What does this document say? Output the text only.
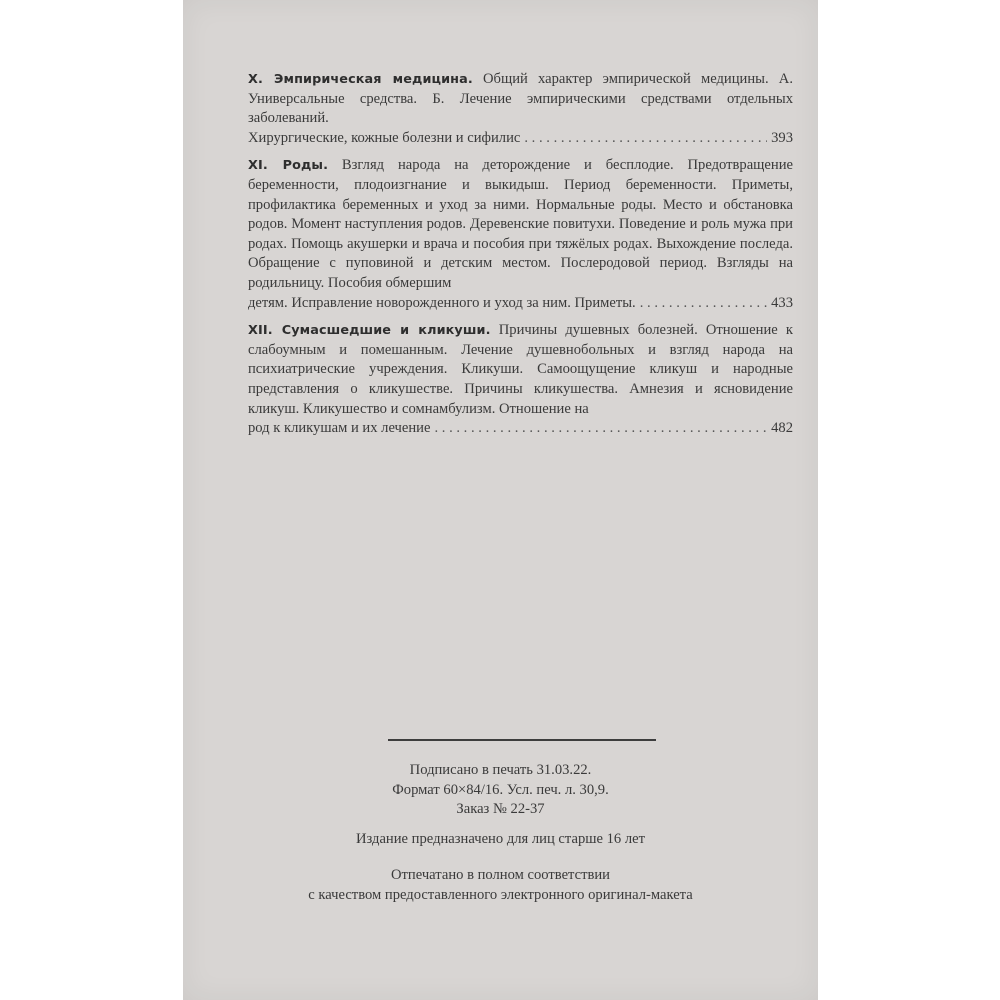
X. Эмпирическая медицина. Общий характер эмпирической медицины. А. Универсальные средства. Б. Лечение эмпирическими средствами отдельных заболеваний.
Хирургические, кожные болезни и сифилис . . .	393
XI. Роды. Взгляд народа на деторождение и бесплодие. Предотвращение беременности, плодоизгнание и выкидыш. Период беременности. Приметы, профилактика беременных и уход за ними. Нормальные роды. Место и обстановка родов. Момент наступления родов. Деревенские повитухи. Поведение и роль мужа при родах. Помощь акушерки и врача и пособия при тяжёлых родах. Выхождение последа. Обращение с пуповиной и детским местом. Послеродовой период. Взгляды на родильницу. Пособия обмершим
детям. Исправление новорожденного и уход за ним. Приметы. . . .	433
XII. Сумасшедшие и кликуши. Причины душевных болезней. Отношение к слабоумным и помешанным. Лечение душевнобольных и взгляд народа на психиатрические учреждения. Кликуши. Самоощущение кликуш и народные представления о кликушестве. Причины кликушества. Амнезия и ясновидение кликуш. Кликушество и сомнамбулизм. Отношение на
род к кликушам и их лечение . . .	482
Подписано в печать 31.03.22.
Формат 60×84/16. Усл. печ. л. 30,9.
Заказ № 22-37
Издание предназначено для лиц старше 16 лет
Отпечатано в полном соответствии
с качеством предоставленного электронного оригинал-макета
